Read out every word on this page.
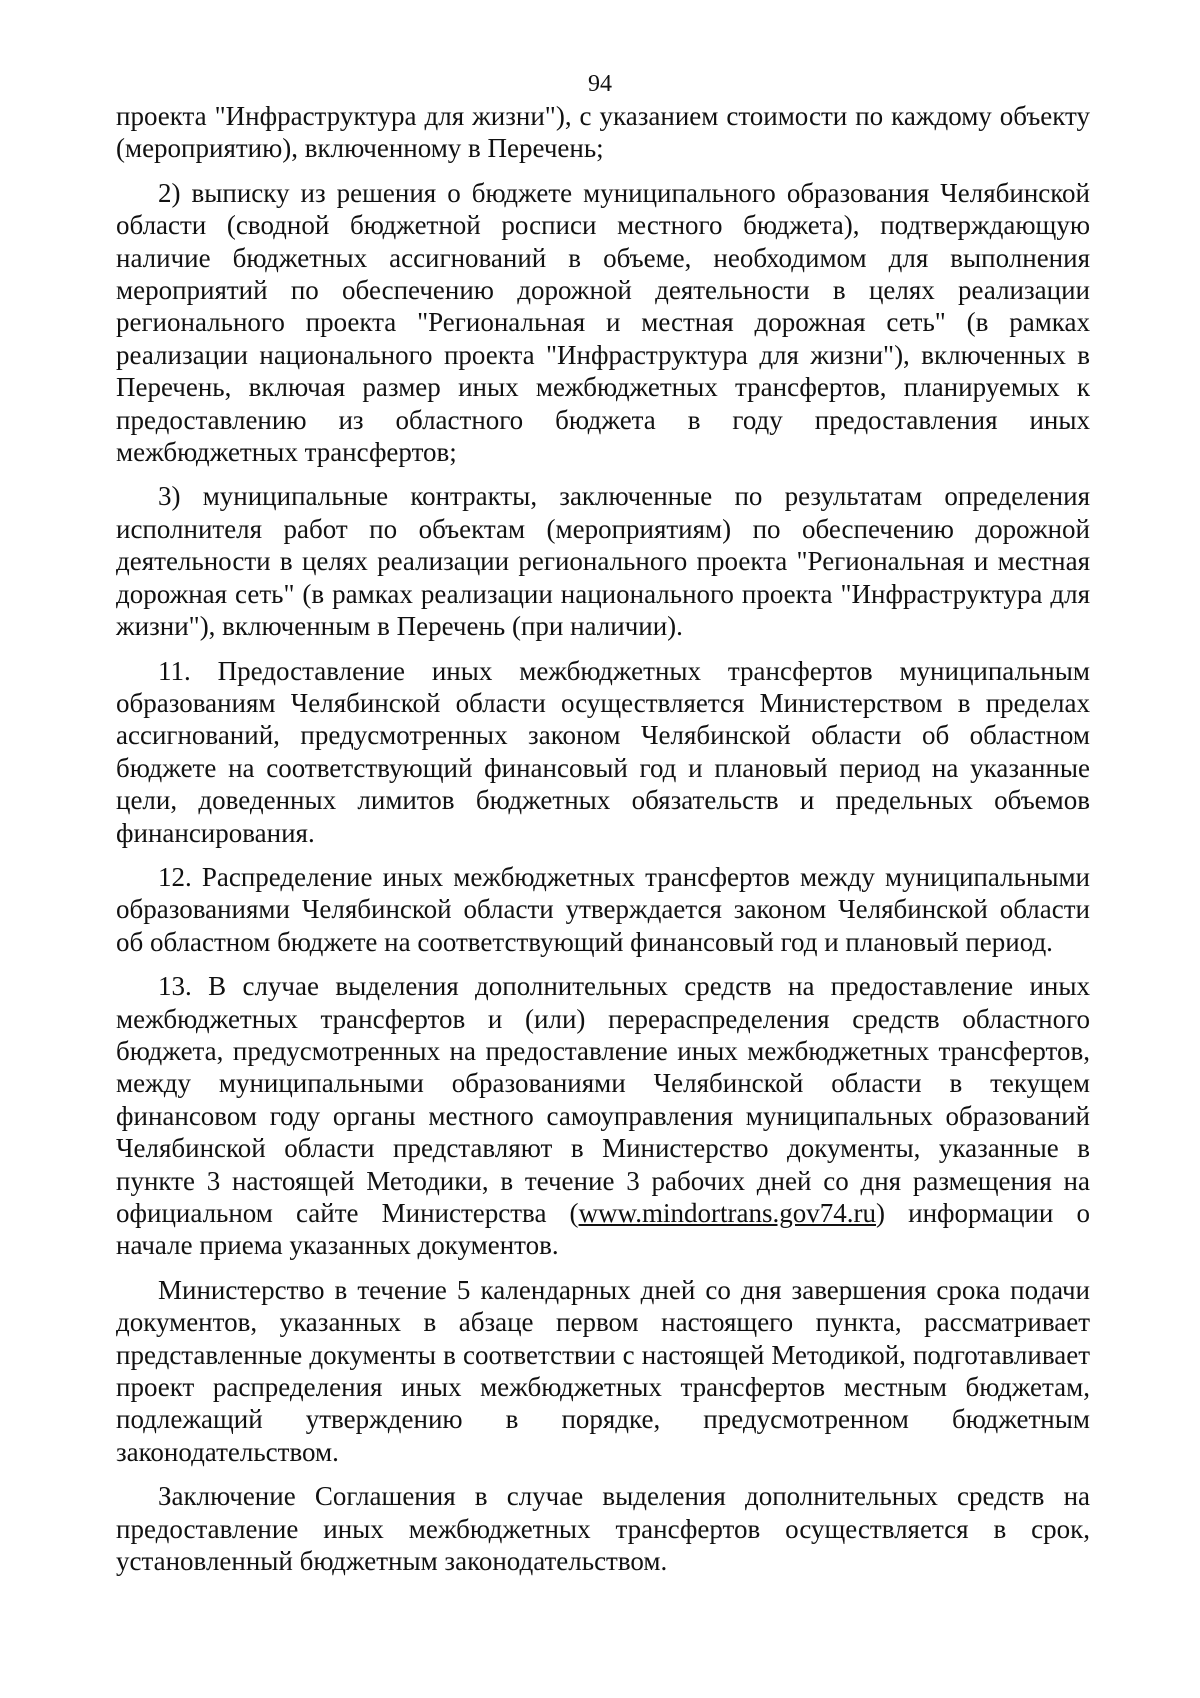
94

проекта "Инфраструктура для жизни"), с указанием стоимости по каждому объекту (мероприятию), включенному в Перечень;

2) выписку из решения о бюджете муниципального образования Челябинской области (сводной бюджетной росписи местного бюджета), подтверждающую наличие бюджетных ассигнований в объеме, необходимом для выполнения мероприятий по обеспечению дорожной деятельности в целях реализации регионального проекта "Региональная и местная дорожная сеть" (в рамках реализации национального проекта "Инфраструктура для жизни"), включенных в Перечень, включая размер иных межбюджетных трансфертов, планируемых к предоставлению из областного бюджета в году предоставления иных межбюджетных трансфертов;

3) муниципальные контракты, заключенные по результатам определения исполнителя работ по объектам (мероприятиям) по обеспечению дорожной деятельности в целях реализации регионального проекта "Региональная и местная дорожная сеть" (в рамках реализации национального проекта "Инфраструктура для жизни"), включенным в Перечень (при наличии).

11. Предоставление иных межбюджетных трансфертов муниципальным образованиям Челябинской области осуществляется Министерством в пределах ассигнований, предусмотренных законом Челябинской области об областном бюджете на соответствующий финансовый год и плановый период на указанные цели, доведенных лимитов бюджетных обязательств и предельных объемов финансирования.

12. Распределение иных межбюджетных трансфертов между муниципальными образованиями Челябинской области утверждается законом Челябинской области об областном бюджете на соответствующий финансовый год и плановый период.

13. В случае выделения дополнительных средств на предоставление иных межбюджетных трансфертов и (или) перераспределения средств областного бюджета, предусмотренных на предоставление иных межбюджетных трансфертов, между муниципальными образованиями Челябинской области в текущем финансовом году органы местного самоуправления муниципальных образований Челябинской области представляют в Министерство документы, указанные в пункте 3 настоящей Методики, в течение 3 рабочих дней со дня размещения на официальном сайте Министерства (www.mindortrans.gov74.ru) информации о начале приема указанных документов.

Министерство в течение 5 календарных дней со дня завершения срока подачи документов, указанных в абзаце первом настоящего пункта, рассматривает представленные документы в соответствии с настоящей Методикой, подготавливает проект распределения иных межбюджетных трансфертов местным бюджетам, подлежащий утверждению в порядке, предусмотренном бюджетным законодательством.

Заключение Соглашения в случае выделения дополнительных средств на предоставление иных межбюджетных трансфертов осуществляется в срок, установленный бюджетным законодательством.
